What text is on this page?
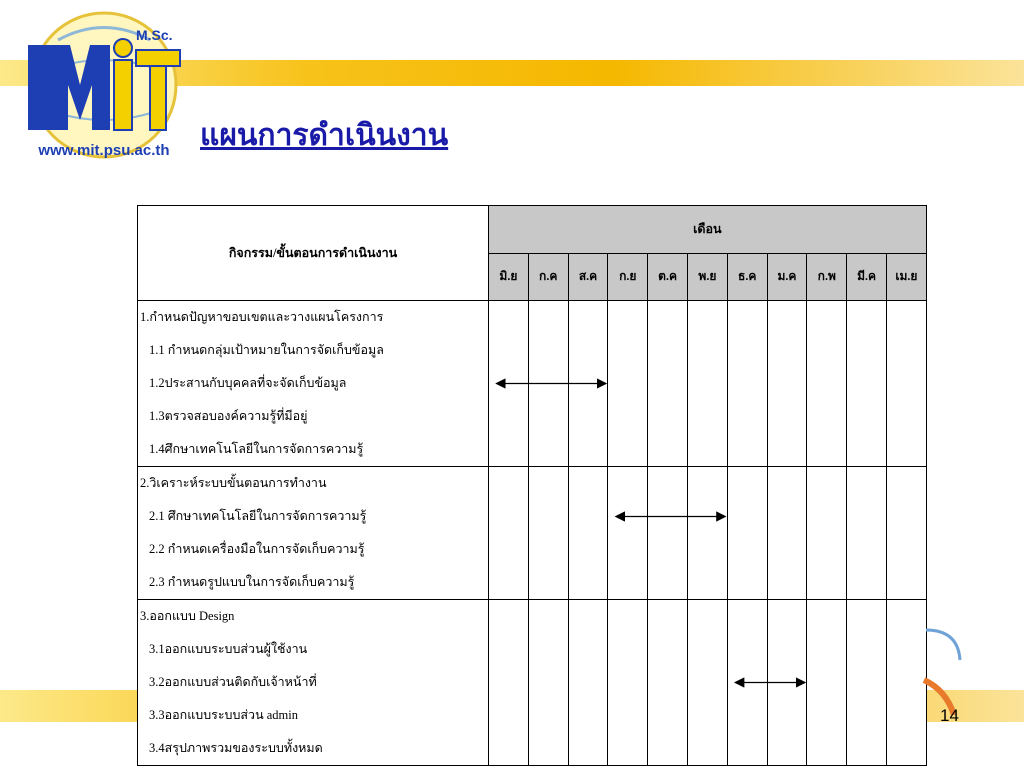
M.Sc.
www.mit.psu.ac.th แผนการดำเนินงาน
กิจกรรม/ขั้นตอนการดำเนินงาน	เดือน										
	มิ.ย	ก.ค	ส.ค	ก.ย	ต.ค	พ.ย	ธ.ค	ม.ค	ก.พ	มี.ค	เม.ย

1.กำหนดปัญหาขอบเขตและวางแผนโครงการ
1.1 กำหนดกลุ่มเป้าหมายในการจัดเก็บข้อมูล
1.2ประสานกับบุคคลที่จะจัดเก็บข้อมูล
1.3ตรวจสอบองค์ความรู้ที่มีอยู่
1.4ศึกษาเทคโนโลยีในการจัดการความรู้											

2.วิเคราะห์ระบบขั้นตอนการทำงาน
2.1 ศึกษาเทคโนโลยีในการจัดการความรู้
2.2 กำหนดเครื่องมือในการจัดเก็บความรู้
2.3 กำหนดรูปแบบในการจัดเก็บความรู้											

3.ออกแบบ Design
3.1ออกแบบระบบส่วนผู้ใช้งาน
3.2ออกแบบส่วนติดกับเจ้าหน้าที่
3.3ออกแบบระบบส่วน admin
3.4สรุปภาพรวมของระบบทั้งหมด											

14
